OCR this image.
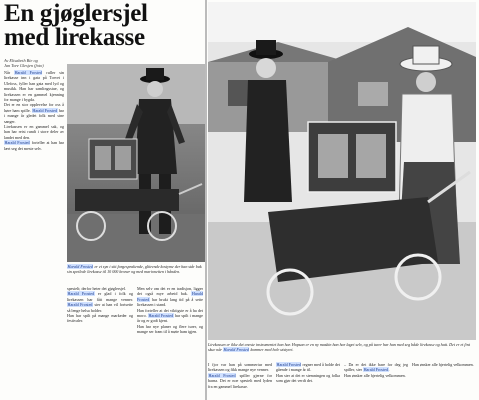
En gjøglersjel
med lirekasse
Av Elisabeth Bie og
Jan Tore Glesjen (foto)
Harald Frosted er et syn i sitt fargesprakende, glitrende kostyme der han står bak sin speilede lirekasse til 10 000 kroner og med marionetten i hånden.
Lirekassen er ikke det eneste instrumentet han har. Hopsan er en ny maskin han har laget selv, og på turer har han med seg både lirekasse og hatt. Det er et fint skue når Harald Frosted kommer med hele utstyret.

Når Harald Frosted ruller sin lirekasse inn i gata på Torvet i Ulefoss, fyller han gata med lyd og musikk. Han har samlingsstue, og lirekassen er en gammel kjenning for mange i bygda.

Det er en stor opplevelse for oss å høre ham spille. Harald Frosted har i mange år gledet folk med sine sanger.

Lirekassen er en gammel sak, og han har reist rundt i store deler av landet med den.

Harald Frosted forteller at han har lært seg det meste selv.

spesielt; derfor heter det gjøglersjel.

Harald Frosted er glad i folk og lirekassen har fått mange venner. Harald Frosted sier at han vil fortsette så lenge helsa holder.

Han har spilt på mange markeder og festivaler.

Men selv om det er en tradisjon, ligger det også mye arbeid bak. Harald Frosted har brukt lang tid på å sette lirekassen i stand.

Han forteller at det viktigste er å ha det moro. Harald Frosted har spilt i mange år og er godt kjent.

Han har nye planer og flere turer, og mange ser fram til å møte ham igjen.

I fjor var han på sommertur med lirekassen og fikk mange nye venner.

Harald Frosted spiller gjerne for barna. Det er noe spesielt med lyden fra en gammel lirekasse.

Harald Frosted regner med å holde det gående i mange år til.

Han sier at det er stemningen og folka som gjør det verdt det.

– Da er det ikke bare for deg jeg spiller, sier Harald Frosted.

Han ønsker alle hjertelig velkommen.

Han ønsker alle hjertelig velkommen.
